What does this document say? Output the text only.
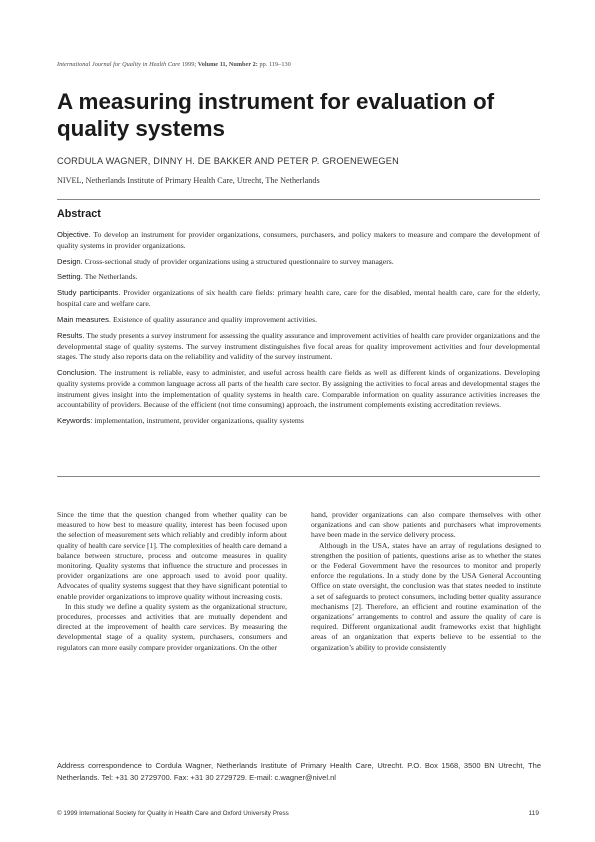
International Journal for Quality in Health Care 1999; Volume 11, Number 2: pp. 119–130
A measuring instrument for evaluation of quality systems
CORDULA WAGNER, DINNY H. DE BAKKER AND PETER P. GROENEWEGEN
NIVEL, Netherlands Institute of Primary Health Care, Utrecht, The Netherlands
Abstract

Objective. To develop an instrument for provider organizations, consumers, purchasers, and policy makers to measure and compare the development of quality systems in provider organizations.

Design. Cross-sectional study of provider organizations using a structured questionnaire to survey managers.

Setting. The Netherlands.

Study participants. Provider organizations of six health care fields: primary health care, care for the disabled, mental health care, care for the elderly, hospital care and welfare care.

Main measures. Existence of quality assurance and quality improvement activities.

Results. The study presents a survey instrument for assessing the quality assurance and improvement activities of health care provider organizations and the developmental stage of quality systems. The survey instrument distinguishes five focal areas for quality improvement activities and four developmental stages. The study also reports data on the reliability and validity of the survey instrument.

Conclusion. The instrument is reliable, easy to administer, and useful across health care fields as well as different kinds of organizations. Developing quality systems provide a common language across all parts of the health care sector. By assigning the activities to focal areas and developmental stages the instrument gives insight into the implementation of quality systems in health care. Comparable information on quality assurance activities increases the accountability of providers. Because of the efficient (not time consuming) approach, the instrument complements existing accreditation reviews.

Keywords: implementation, instrument, provider organizations, quality systems

Since the time that the question changed from whether quality can be measured to how best to measure quality, interest has been focused upon the selection of measurement sets which reliably and credibly inform about quality of health care service [1]. The complexities of health care demand a balance between structure, process and outcome measures in quality monitoring. Quality systems that influence the structure and processes in provider organizations are one approach used to avoid poor quality. Advocates of quality systems suggest that they have significant potential to enable provider organizations to improve quality without increasing costs.

In this study we define a quality system as the organizational structure, procedures, processes and activities that are mutually dependent and directed at the improvement of health care services. By measuring the developmental stage of a quality system, purchasers, consumers and regulators can more easily compare provider organizations. On the other

hand, provider organizations can also compare themselves with other organizations and can show patients and purchasers what improvements have been made in the service delivery process.

Although in the USA, states have an array of regulations designed to strengthen the position of patients, questions arise as to whether the states or the Federal Government have the resources to monitor and properly enforce the regulations. In a study done by the USA General Accounting Office on state oversight, the conclusion was that states needed to institute a set of safeguards to protect consumers, including better quality assurance mechanisms [2]. Therefore, an efficient and routine examination of the organizations’ arrangements to control and assure the quality of care is required. Different organizational audit frameworks exist that highlight areas of an organization that experts believe to be essential to the organization’s ability to provide consistently

Address correspondence to Cordula Wagner, Netherlands Institute of Primary Health Care, Utrecht. P.O. Box 1568, 3500 BN Utrecht, The Netherlands. Tel: +31 30 2729700. Fax: +31 30 2729729. E-mail: c.wagner@nivel.nl
© 1999 International Society for Quality in Health Care and Oxford University Press	119
